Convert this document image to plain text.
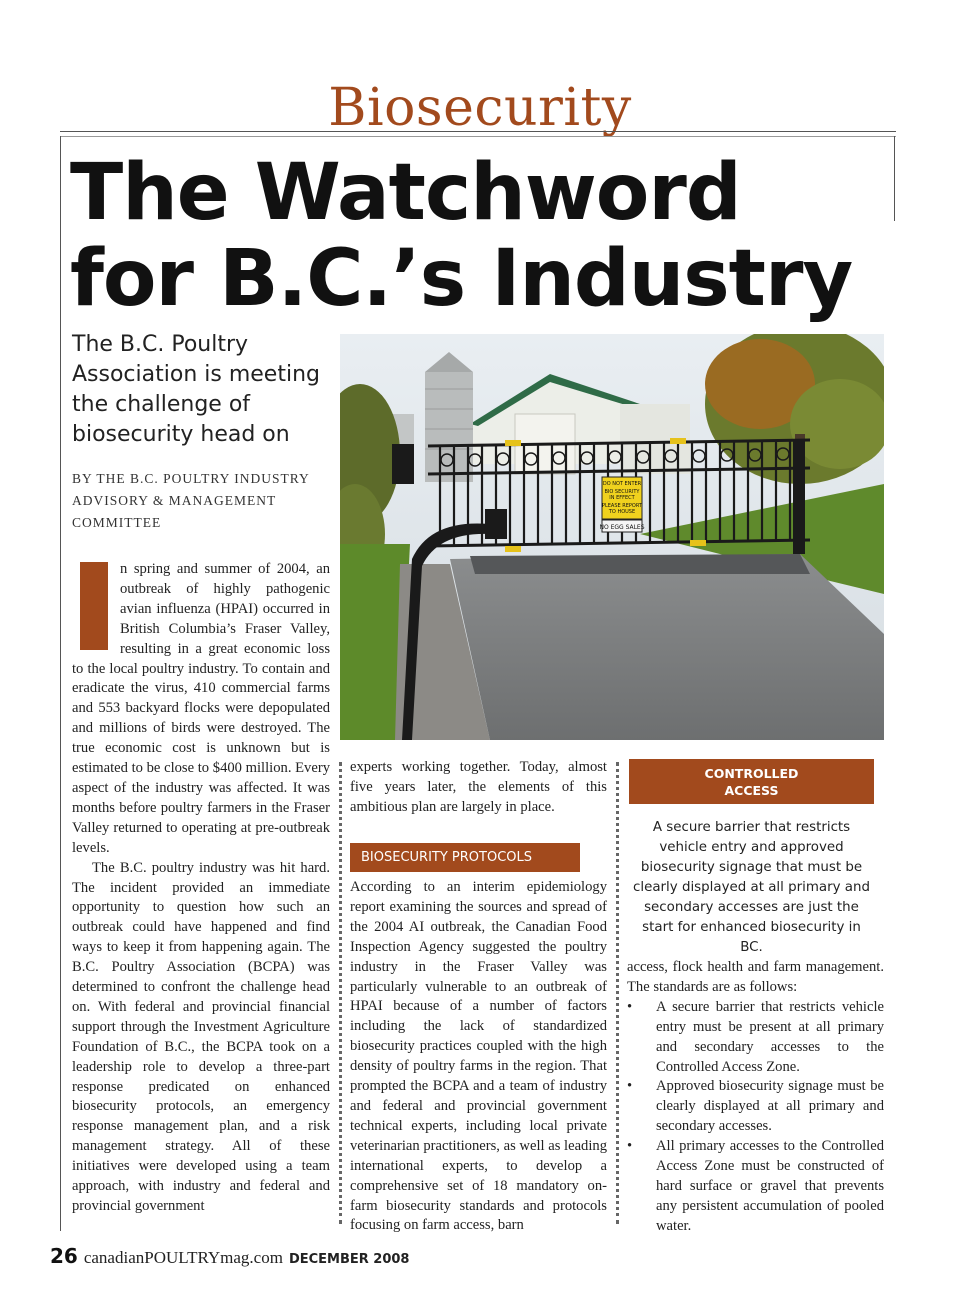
Biosecurity
The Watchword
for B.C.’s Industry
The B.C. Poultry Association is meeting the challenge of biosecurity head on
BY THE B.C. POULTRY INDUSTRY ADVISORY & MANAGEMENT COMMITTEE
DO NOT ENTER
BIO SECURITY
IN EFFECT
PLEASE REPORT
TO HOUSE
NO EGG SALES

n spring and summer of 2004, an outbreak of highly pathogenic avian influenza (HPAI) occurred in British Columbia’s Fraser Valley, resulting in a great economic loss to the local poultry industry. To contain and eradicate the virus, 410 commercial farms and 553 backyard flocks were depopulated and millions of birds were destroyed. The true economic cost is unknown but is estimated to be close to $400 million. Every aspect of the industry was affected. It was months before poultry farmers in the Fraser Valley returned to operating at pre-outbreak levels.

The B.C. poultry industry was hit hard. The incident provided an immediate opportunity to question how such an outbreak could have happened and find ways to keep it from happening again. The B.C. Poultry Association (BCPA) was determined to confront the challenge head on. With federal and provincial financial support through the Investment Agriculture Foundation of B.C., the BCPA took on a leadership role to develop a three-part response predicated on enhanced biosecurity protocols, an emergency response management plan, and a risk management strategy. All of these initiatives were developed using a team approach, with industry and federal and provincial government

experts working together. Today, almost five years later, the elements of this ambitious plan are largely in place.

BIOSECURITY PROTOCOLS

According to an interim epidemiology report examining the sources and spread of the 2004 AI outbreak, the Canadian Food Inspection Agency suggested the poultry industry in the Fraser Valley was particularly vulnerable to an outbreak of HPAI because of a number of factors including the lack of standardized biosecurity practices coupled with the high density of poultry farms in the region. That prompted the BCPA and a team of industry and federal and provincial government technical experts, including local private veterinarian practitioners, as well as leading international experts, to develop a comprehensive set of 18 mandatory on-farm biosecurity standards and protocols focusing on farm access, barn

CONTROLLED
ACCESS
A secure barrier that restricts vehicle entry and approved biosecurity signage that must be clearly displayed at all primary and secondary accesses are just the start for enhanced biosecurity in BC.

access, flock health and farm management. The standards are as follows:

• A secure barrier that restricts vehicle entry must be present at all primary and secondary accesses to the Controlled Access Zone.
• Approved biosecurity signage must be clearly displayed at all primary and secondary accesses.
• All primary accesses to the Controlled Access Zone must be constructed of hard surface or gravel that prevents any persistent accumulation of pooled water.
26 canadianPOULTRYmag.com DECEMBER 2008
